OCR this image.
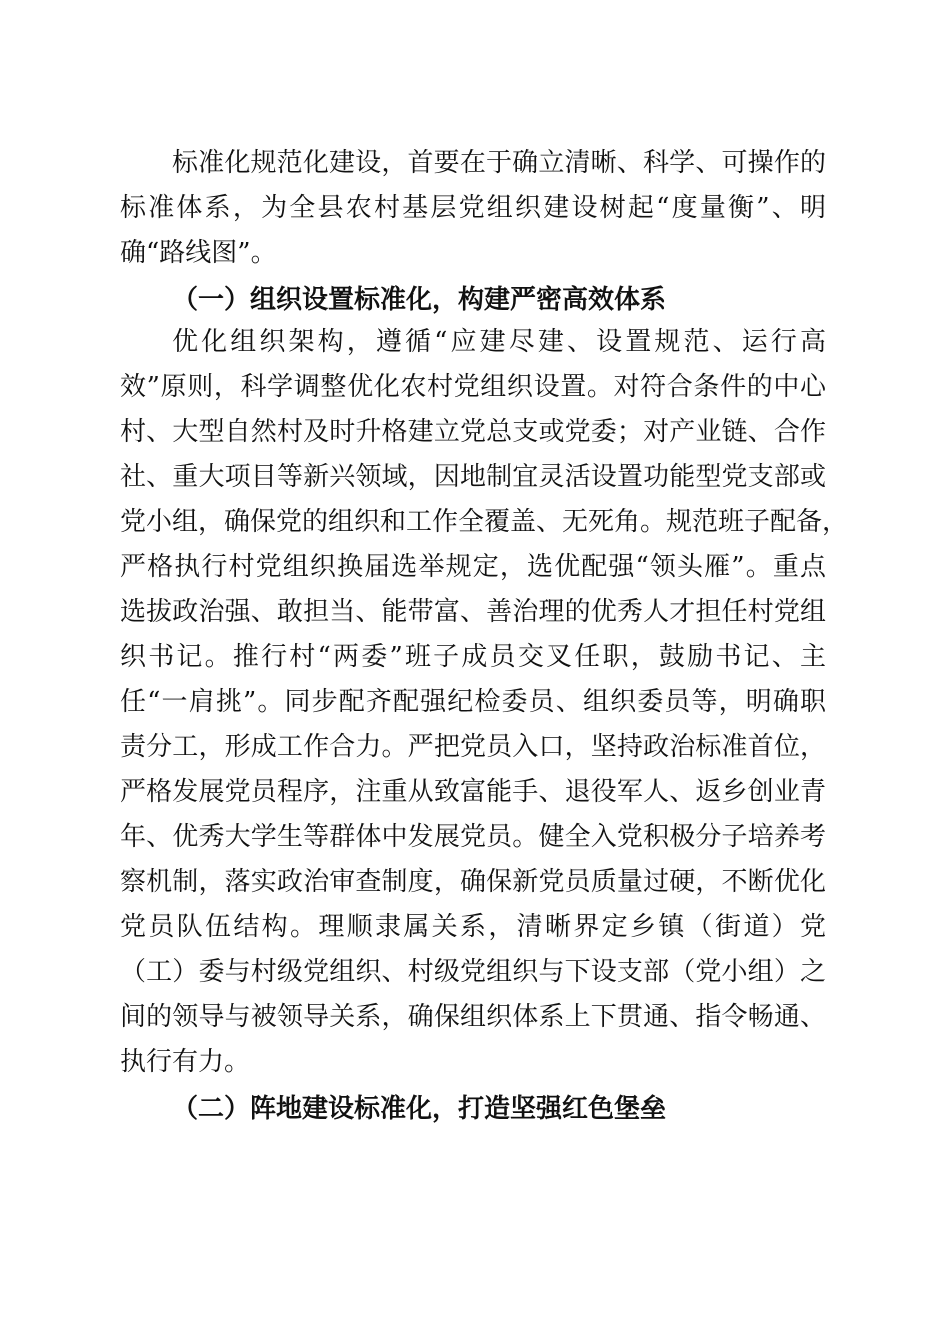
标准化规范化建设，首要在于确立清晰、科学、可操作的
标准体系，为全县农村基层党组织建设树起“度量衡”、明
确“路线图”。
（一）组织设置标准化，构建严密高效体系
优化组织架构，遵循“应建尽建、设置规范、运行高
效”原则，科学调整优化农村党组织设置。对符合条件的中心
村、大型自然村及时升格建立党总支或党委；对产业链、合作
社、重大项目等新兴领域，因地制宜灵活设置功能型党支部或
党小组，确保党的组织和工作全覆盖、无死角。规范班子配备，
严格执行村党组织换届选举规定，选优配强“领头雁”。重点
选拔政治强、敢担当、能带富、善治理的优秀人才担任村党组
织书记。推行村“两委”班子成员交叉任职，鼓励书记、主
任“一肩挑”。同步配齐配强纪检委员、组织委员等，明确职
责分工，形成工作合力。严把党员入口，坚持政治标准首位，
严格发展党员程序，注重从致富能手、退役军人、返乡创业青
年、优秀大学生等群体中发展党员。健全入党积极分子培养考
察机制，落实政治审查制度，确保新党员质量过硬，不断优化
党员队伍结构。理顺隶属关系，清晰界定乡镇（街道）党
（工）委与村级党组织、村级党组织与下设支部（党小组）之
间的领导与被领导关系，确保组织体系上下贯通、指令畅通、
执行有力。
（二）阵地建设标准化，打造坚强红色堡垒
